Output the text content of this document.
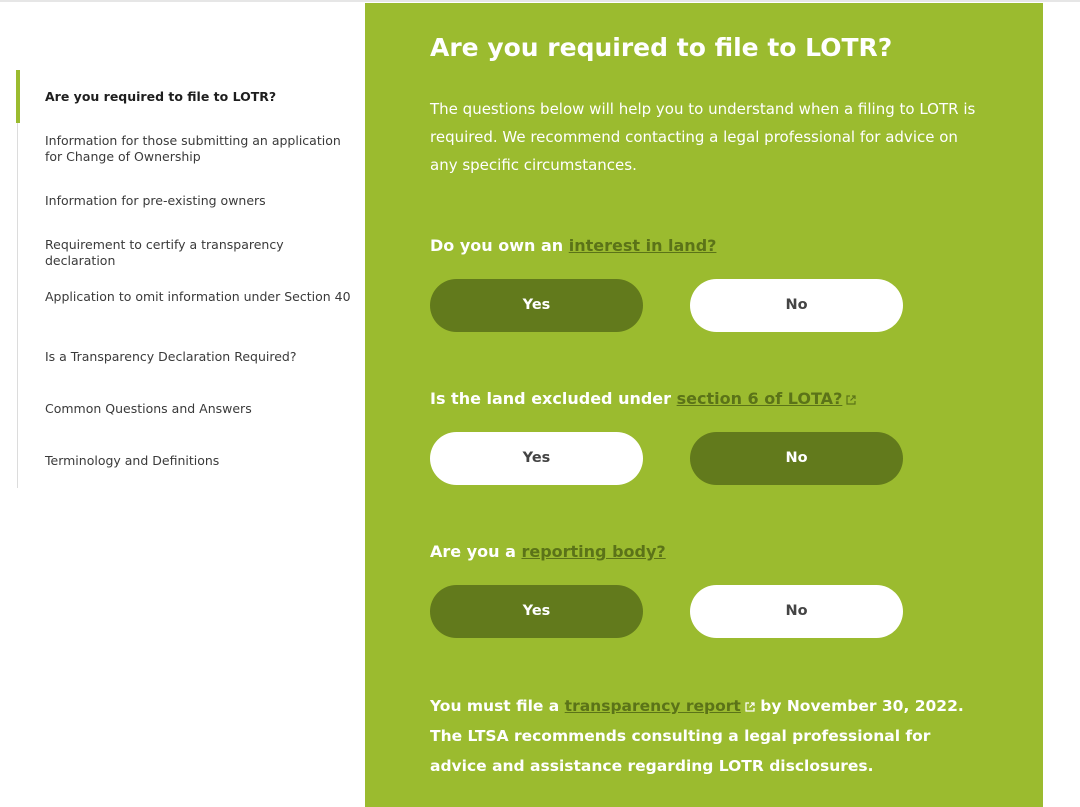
Are you required to file to LOTR?
Information for those submitting an application for Change of Ownership
Information for pre-existing owners
Requirement to certify a transparency declaration
Application to omit information under Section 40
Is a Transparency Declaration Required?
Common Questions and Answers
Terminology and Definitions
Are you required to file to LOTR?

The questions below will help you to understand when a filing to LOTR is required. We recommend contacting a legal professional for advice on any specific circumstances.

Do you own an interest in land?
Yes	No
Is the land excluded under section 6 of LOTA?
Yes	No
Are you a reporting body?
Yes	No
You must file a transparency report by November 30, 2022. The LTSA recommends consulting a legal professional for advice and assistance regarding LOTR disclosures.
